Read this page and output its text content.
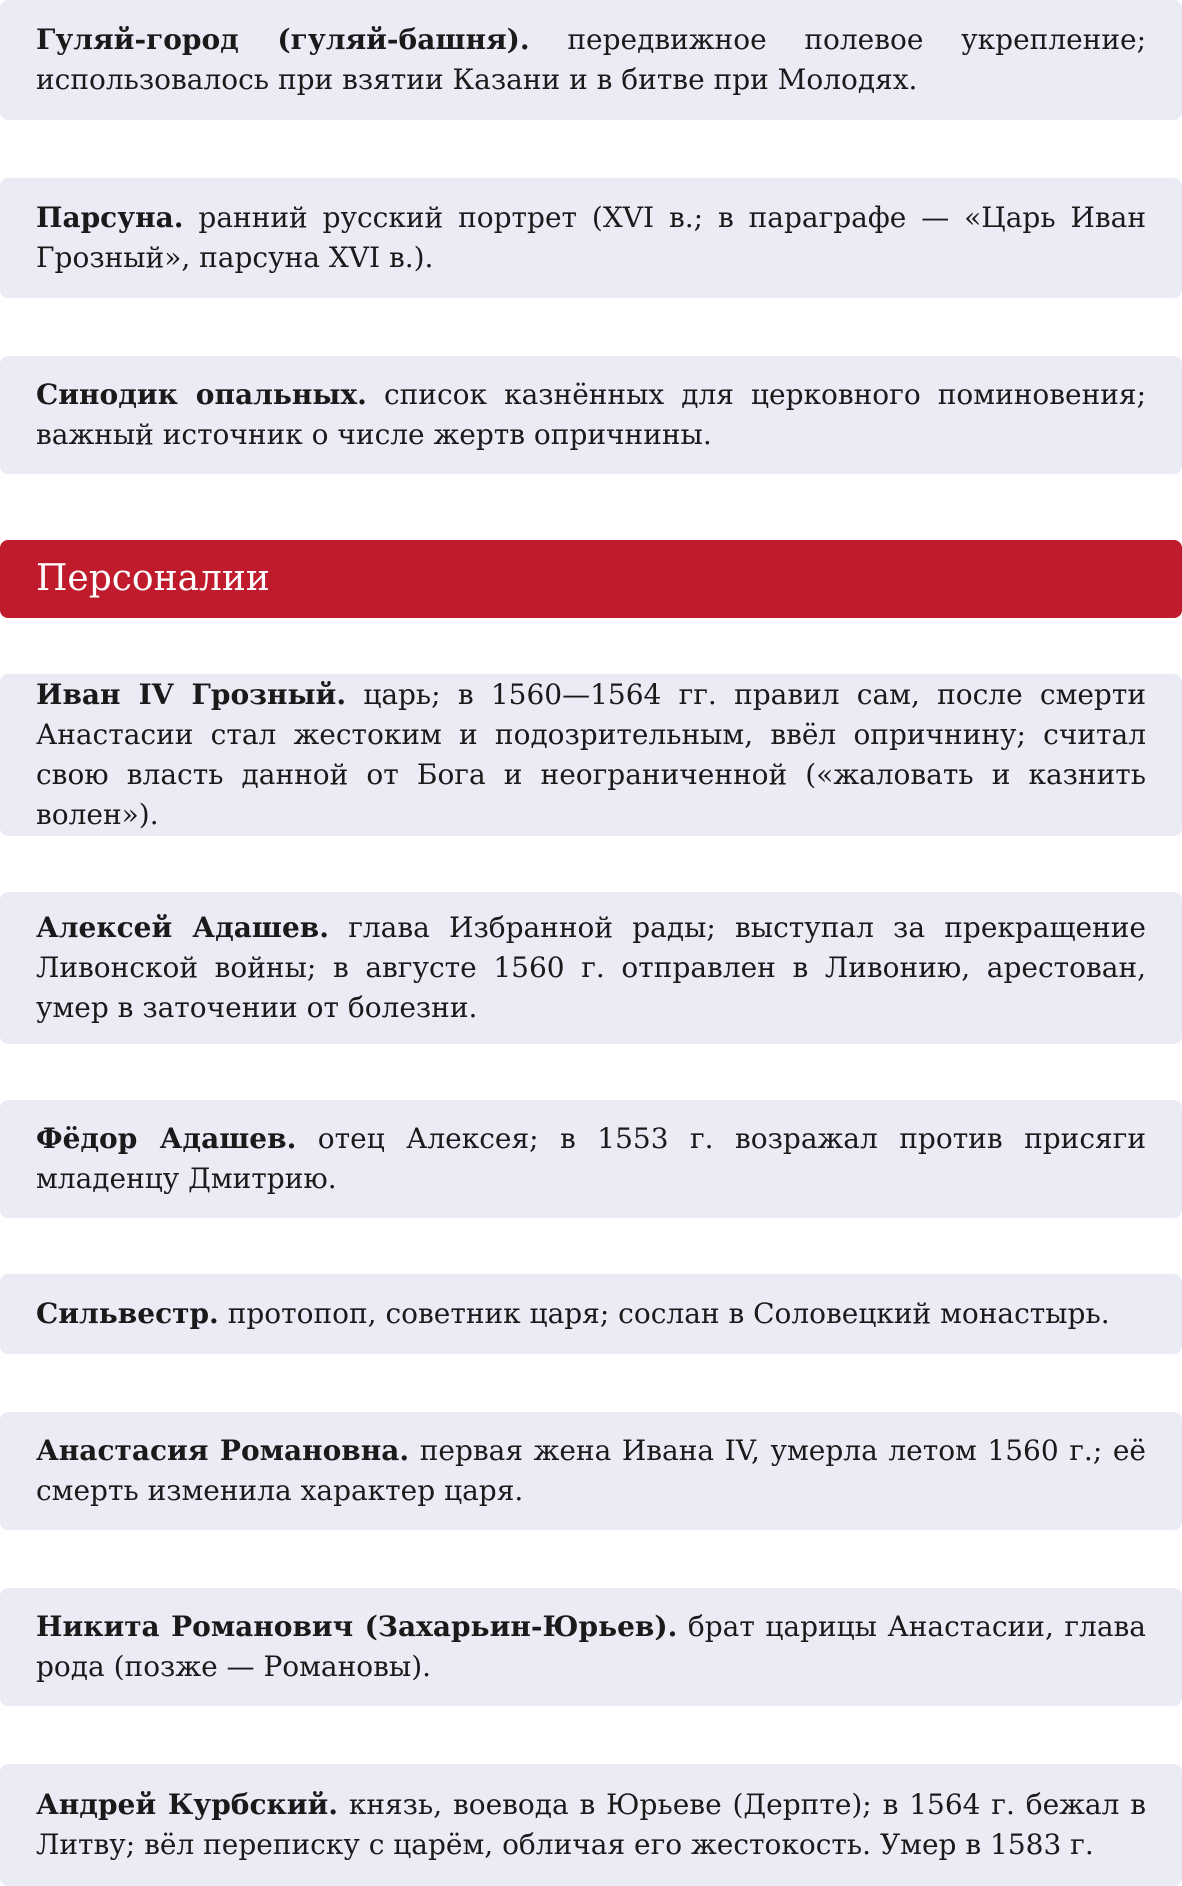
Гуляй-город (гуляй-башня). передвижное полевое укрепление; использовалось при взятии Казани и в битве при Молодях.

Парсуна. ранний русский портрет (XVI в.; в параграфе — «Царь Иван Грозный», парсуна XVI в.).

Синодик опальных. список казнённых для церковного поминовения; важный источник о числе жертв опричнины.

Персоналии

Иван IV Грозный. царь; в 1560—1564 гг. правил сам, после смерти Анастасии стал жестоким и подозрительным, ввёл опричнину; считал свою власть данной от Бога и неограниченной («жаловать и казнить волен»).

Алексей Адашев. глава Избранной рады; выступал за прекращение Ливонской войны; в августе 1560 г. отправлен в Ливонию, арестован, умер в заточении от болезни.

Фёдор Адашев. отец Алексея; в 1553 г. возражал против присяги младенцу Дмитрию.

Сильвестр. протопоп, советник царя; сослан в Соловецкий монастырь.

Анастасия Романовна. первая жена Ивана IV, умерла летом 1560 г.; её смерть изменила характер царя.

Никита Романович (Захарьин-Юрьев). брат царицы Анастасии, глава рода (позже — Романовы).

Андрей Курбский. князь, воевода в Юрьеве (Дерпте); в 1564 г. бежал в Литву; вёл переписку с царём, обличая его жестокость. Умер в 1583 г.
